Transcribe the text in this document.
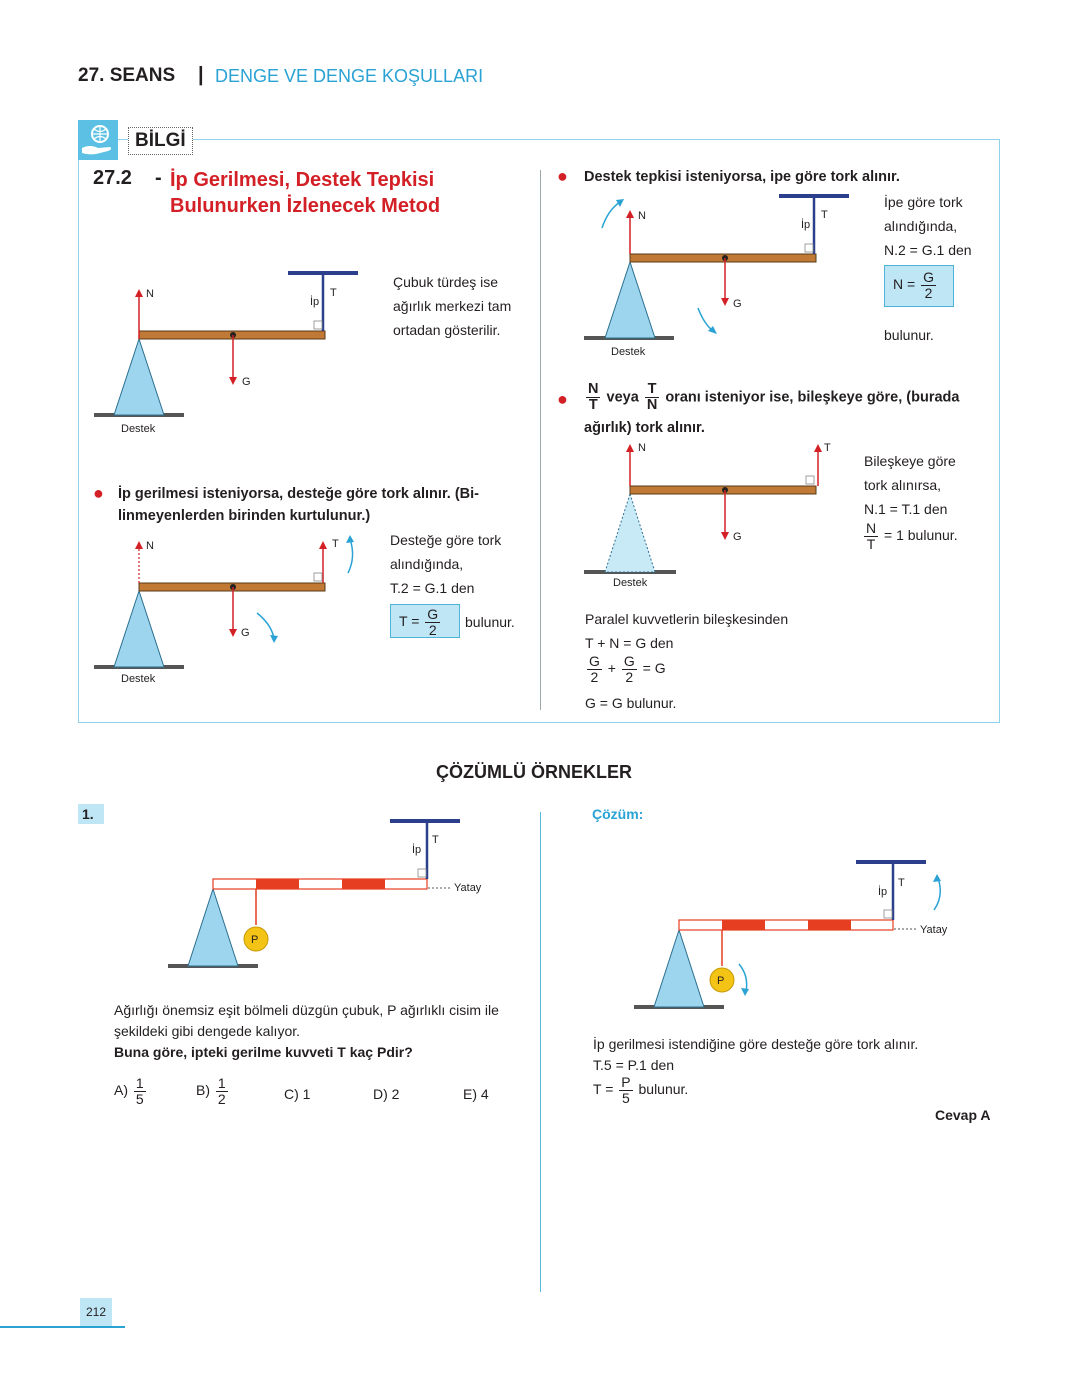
27. SEANS | DENGE VE DENGE KOŞULLARI
BİLGİ
27.2 - İp Gerilmesi, Destek Tepkisi
Bulunurken İzlenecek Metod
N	T
İp
G
Destek
Çubuk türdeş ise
ağırlık merkezi tam
ortadan gösterilir.
● İp gerilmesi isteniyorsa, desteğe göre tork alınır. (Bi-
linmeyenlerden birinden kurtulunur.)
N	T
G
Destek
Desteğe göre tork
alındığında,
T.2 = G.1 den
$T = \frac{G}{2}$ bulunur.
● Destek tepkisi isteniyorsa, ipe göre tork alınır.
N	T
İp
G
Destek
İpe göre tork
alındığında,
N.2 = G.1 den
$N = \frac{G}{2}$
bulunur.
● $\frac{N}{T}$ veya $\frac{T}{N}$ oranı isteniyor ise, bileşkeye göre, (burada
ağırlık) tork alınır.
N	T
G
Destek
Bileşkeye göre
tork alınırsa,
N.1 = T.1 den
$\frac{N}{T} = 1$ bulunur.
Paralel kuvvetlerin bileşkesinden
T + N = G den
$\frac{G}{2} + \frac{G}{2} = G$
G = G bulunur.
ÇÖZÜMLÜ ÖRNEKLER
1.
P
T
İp
Yatay
Ağırlığı önemsiz eşit bölmeli düzgün çubuk, P ağırlıklı cisim ile
şekildeki gibi dengede kalıyor.
Buna göre, ipteki gerilme kuvveti T kaç Pdir?
$A) \frac{1}{5}$	$B) \frac{1}{2}$	C) 1	D) 2	E) 4
Çözüm:
P
T
İp
Yatay
İp gerilmesi istendiğine göre desteğe göre tork alınır.
T.5 = P.1 den
$T = \frac{P}{5}$ bulunur.
Cevap A
212
